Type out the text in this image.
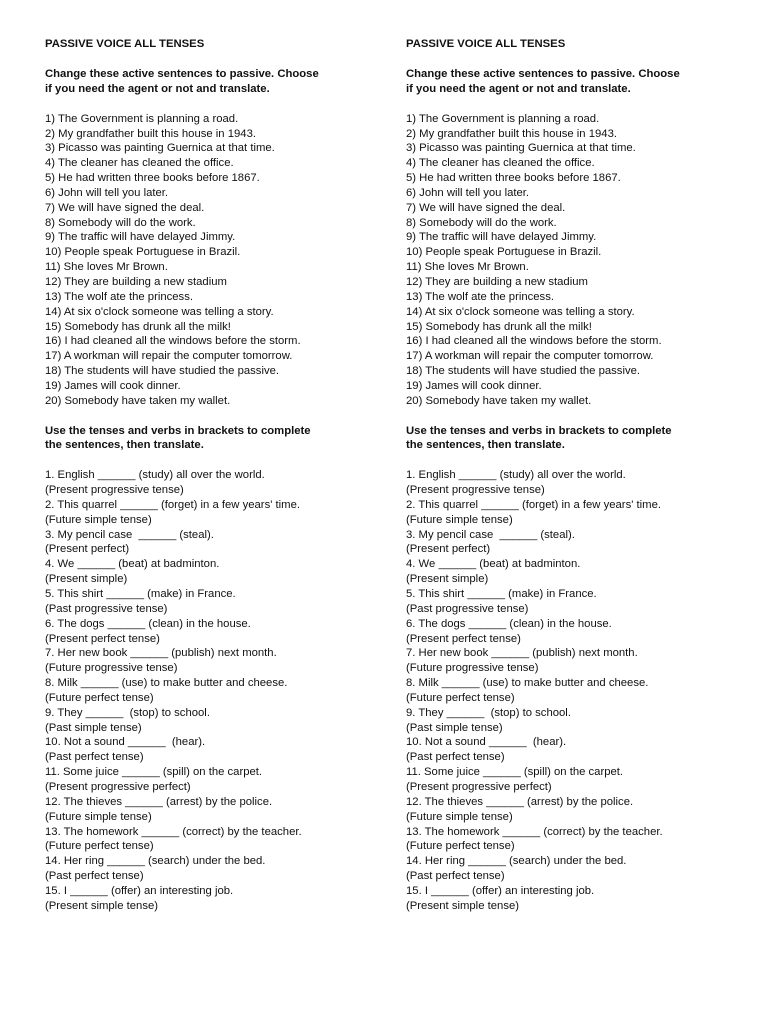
PASSIVE VOICE ALL TENSES

Change these active sentences to passive. Choose

if you need the agent or not and translate.

1) The Government is planning a road.

2) My grandfather built this house in 1943.

3) Picasso was painting Guernica at that time.

4) The cleaner has cleaned the office.

5) He had written three books before 1867.

6) John will tell you later.

7) We will have signed the deal.

8) Somebody will do the work.

9) The traffic will have delayed Jimmy.

10) People speak Portuguese in Brazil.

11) She loves Mr Brown.

12) They are building a new stadium

13) The wolf ate the princess.

14) At six o'clock someone was telling a story.

15) Somebody has drunk all the milk!

16) I had cleaned all the windows before the storm.

17) A workman will repair the computer tomorrow.

18) The students will have studied the passive.

19) James will cook dinner.

20) Somebody have taken my wallet.

Use the tenses and verbs in brackets to complete

the sentences, then translate.

1. English ______ (study) all over the world.

(Present progressive tense)

2. This quarrel ______ (forget) in a few years' time.

(Future simple tense)

3. My pencil case  ______ (steal).

(Present perfect)

4. We ______ (beat) at badminton.

(Present simple)

5. This shirt ______ (make) in France.

(Past progressive tense)

6. The dogs ______ (clean) in the house.

(Present perfect tense)

7. Her new book ______ (publish) next month.

(Future progressive tense)

8. Milk ______ (use) to make butter and cheese.

(Future perfect tense)

9. They ______  (stop) to school.

(Past simple tense)

10. Not a sound ______  (hear).

(Past perfect tense)

11. Some juice ______ (spill) on the carpet.

(Present progressive perfect)

12. The thieves ______ (arrest) by the police.

(Future simple tense)

13. The homework ______ (correct) by the teacher.

(Future perfect tense)

14. Her ring ______ (search) under the bed.

(Past perfect tense)

15. I ______ (offer) an interesting job.

(Present simple tense)

PASSIVE VOICE ALL TENSES

Change these active sentences to passive. Choose

if you need the agent or not and translate.

1) The Government is planning a road.

2) My grandfather built this house in 1943.

3) Picasso was painting Guernica at that time.

4) The cleaner has cleaned the office.

5) He had written three books before 1867.

6) John will tell you later.

7) We will have signed the deal.

8) Somebody will do the work.

9) The traffic will have delayed Jimmy.

10) People speak Portuguese in Brazil.

11) She loves Mr Brown.

12) They are building a new stadium

13) The wolf ate the princess.

14) At six o'clock someone was telling a story.

15) Somebody has drunk all the milk!

16) I had cleaned all the windows before the storm.

17) A workman will repair the computer tomorrow.

18) The students will have studied the passive.

19) James will cook dinner.

20) Somebody have taken my wallet.

Use the tenses and verbs in brackets to complete

the sentences, then translate.

1. English ______ (study) all over the world.

(Present progressive tense)

2. This quarrel ______ (forget) in a few years' time.

(Future simple tense)

3. My pencil case  ______ (steal).

(Present perfect)

4. We ______ (beat) at badminton.

(Present simple)

5. This shirt ______ (make) in France.

(Past progressive tense)

6. The dogs ______ (clean) in the house.

(Present perfect tense)

7. Her new book ______ (publish) next month.

(Future progressive tense)

8. Milk ______ (use) to make butter and cheese.

(Future perfect tense)

9. They ______  (stop) to school.

(Past simple tense)

10. Not a sound ______  (hear).

(Past perfect tense)

11. Some juice ______ (spill) on the carpet.

(Present progressive perfect)

12. The thieves ______ (arrest) by the police.

(Future simple tense)

13. The homework ______ (correct) by the teacher.

(Future perfect tense)

14. Her ring ______ (search) under the bed.

(Past perfect tense)

15. I ______ (offer) an interesting job.

(Present simple tense)
